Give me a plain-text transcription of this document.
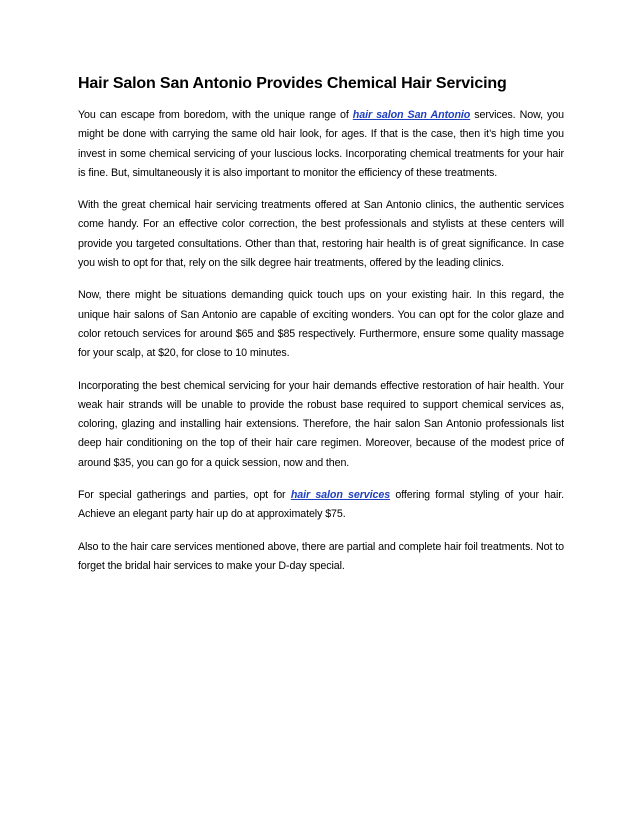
Hair Salon San Antonio Provides Chemical Hair Servicing

You can escape from boredom, with the unique range of hair salon San Antonio services. Now, you might be done with carrying the same old hair look, for ages. If that is the case, then it’s high time you invest in some chemical servicing of your luscious locks. Incorporating chemical treatments for your hair is fine. But, simultaneously it is also important to monitor the efficiency of these treatments.

With the great chemical hair servicing treatments offered at San Antonio clinics, the authentic services come handy. For an effective color correction, the best professionals and stylists at these centers will provide you targeted consultations. Other than that, restoring hair health is of great significance. In case you wish to opt for that, rely on the silk degree hair treatments, offered by the leading clinics.

Now, there might be situations demanding quick touch ups on your existing hair. In this regard, the unique hair salons of San Antonio are capable of exciting wonders. You can opt for the color glaze and color retouch services for around $65 and $85 respectively. Furthermore, ensure some quality massage for your scalp, at $20, for close to 10 minutes.

Incorporating the best chemical servicing for your hair demands effective restoration of hair health. Your weak hair strands will be unable to provide the robust base required to support chemical services as, coloring, glazing and installing hair extensions. Therefore, the hair salon San Antonio professionals list deep hair conditioning on the top of their hair care regimen. Moreover, because of the modest price of around $35, you can go for a quick session, now and then.

For special gatherings and parties, opt for hair salon services offering formal styling of your hair. Achieve an elegant party hair up do at approximately $75.

Also to the hair care services mentioned above, there are partial and complete hair foil treatments. Not to forget the bridal hair services to make your D-day special.
